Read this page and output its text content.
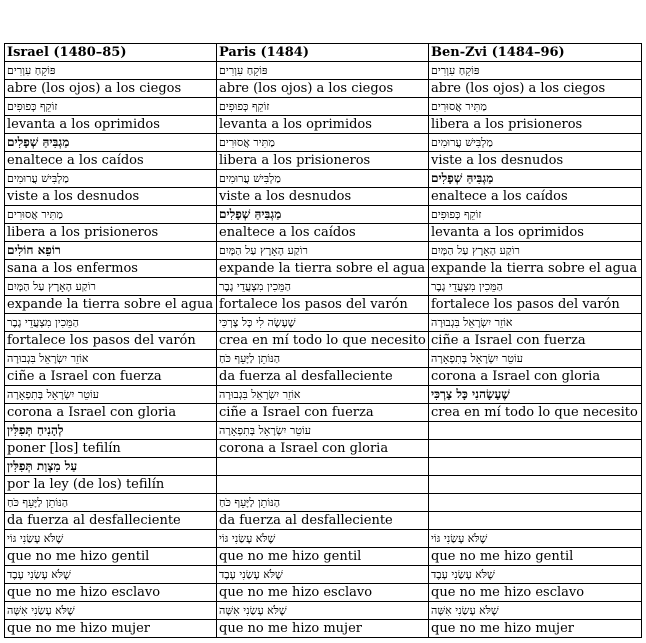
Israel (1480–85)	Paris (1484)	Ben-Zvi (1484–96)
פּוֹקֵחַ עִוְרִים	פּוֹקֵחַ עִוְרִים	פּוֹקֵחַ עִוְרִים
abre (los ojos) a los ciegos	abre (los ojos) a los ciegos	abre (los ojos) a los ciegos
זוֹקֵף כְּפוּפִים	זוֹקֵף כְּפוּפִים	מַתִּיר אֲסוּרִים
levanta a los oprimidos	levanta a los oprimidos	libera a los prisioneros
מַגְבִּיהַּ שְׁפָלִים	מַתִּיר אֲסוּרִים	מַלְבִּישׁ עֲרוּמִים
enaltece a los caídos	libera a los prisioneros	viste a los desnudos
מַלְבִּישׁ עֲרוּמִים	מַלְבִּישׁ עֲרוּמִים	מַגְבִּיהַּ שְׁפָלִים
viste a los desnudos	viste a los desnudos	enaltece a los caídos
מַתִּיר אֲסוּרִים	מַגְבִּיהַּ שְׁפָלִים	זוֹקֵף כְּפוּפִים
libera a los prisioneros	enaltece a los caídos	levanta a los oprimidos
רוֹפֵא חוֹלִים	רוֹקַע הָאָרֶץ עַל הַמָּיִם	רוֹקַע הָאָרֶץ עַל הַמָּיִם
sana a los enfermos	expande la tierra sobre el agua	expande la tierra sobre el agua
רוֹקַע הָאָרֶץ עַל הַמָּיִם	הַמֵּכִין מִצְעֲדֵי גָבֶר	הַמֵּכִין מִצְעֲדֵי גָבֶר
expande la tierra sobre el agua	fortalece los pasos del varón	fortalece los pasos del varón
הַמֵּכִין מִצְעֲדֵי גָבֶר	שֶׁעָשָׂה לִי כָּל צָרְכִּי	אוֹזֵר יִשְׂרָאֵל בִּגְבוּרָה
fortalece los pasos del varón	crea en mí todo lo que necesito	ciñe a Israel con fuerza
אוֹזֵר יִשְׂרָאֵל בִּגְבוּרָה	הַנּוֹתֵן לַיָּעֵף כֹּחַ	עוֹטֵר יִשְׂרָאֵל בְּתִפְאָרָה
ciñe a Israel con fuerza	da fuerza al desfalleciente	corona a Israel con gloria
עוֹטֵר יִשְׂרָאֵל בְּתִפְאָרָה	אוֹזֵר יִשְׂרָאֵל בִּגְבוּרָה	שֶׁעָשָׂהנִי כָּל צָרְכִּי
corona a Israel con gloria	ciñe a Israel con fuerza	crea en mí todo lo que necesito
לְהָנִיחַ תְּפִלִּין	עוֹטֵר יִשְׂרָאֵל בְּתִפְאָרָה	
poner [los] tefilín	corona a Israel con gloria	
עַל מִצְוַת תְּפִלִּין		
por la ley (de los) tefilín		
הַנּוֹתֵן לַיָּעֵף כֹּחַ	הַנּוֹתֵן לַיָּעֵף כֹּחַ	
da fuerza al desfalleciente	da fuerza al desfalleciente	
שֶׁלֹּא עָשַׂנִי גּוֹי	שֶׁלֹּא עָשַׂנִי גּוֹי	שֶׁלֹּא עָשַׂנִי גּוֹי
que no me hizo gentil	que no me hizo gentil	que no me hizo gentil
שֶׁלֹּא עָשַׂנִי עָבֶד	שֶׁלֹּא עָשַׂנִי עָבֶד	שֶׁלֹּא עָשַׂנִי עָבֶד
que no me hizo esclavo	que no me hizo esclavo	que no me hizo esclavo
שֶׁלֹּא עָשַׂנִי אִשָּׁה	שֶׁלֹּא עָשַׂנִי אִשָּׁה	שֶׁלֹּא עָשַׂנִי אִשָּׁה
que no me hizo mujer	que no me hizo mujer	que no me hizo mujer
